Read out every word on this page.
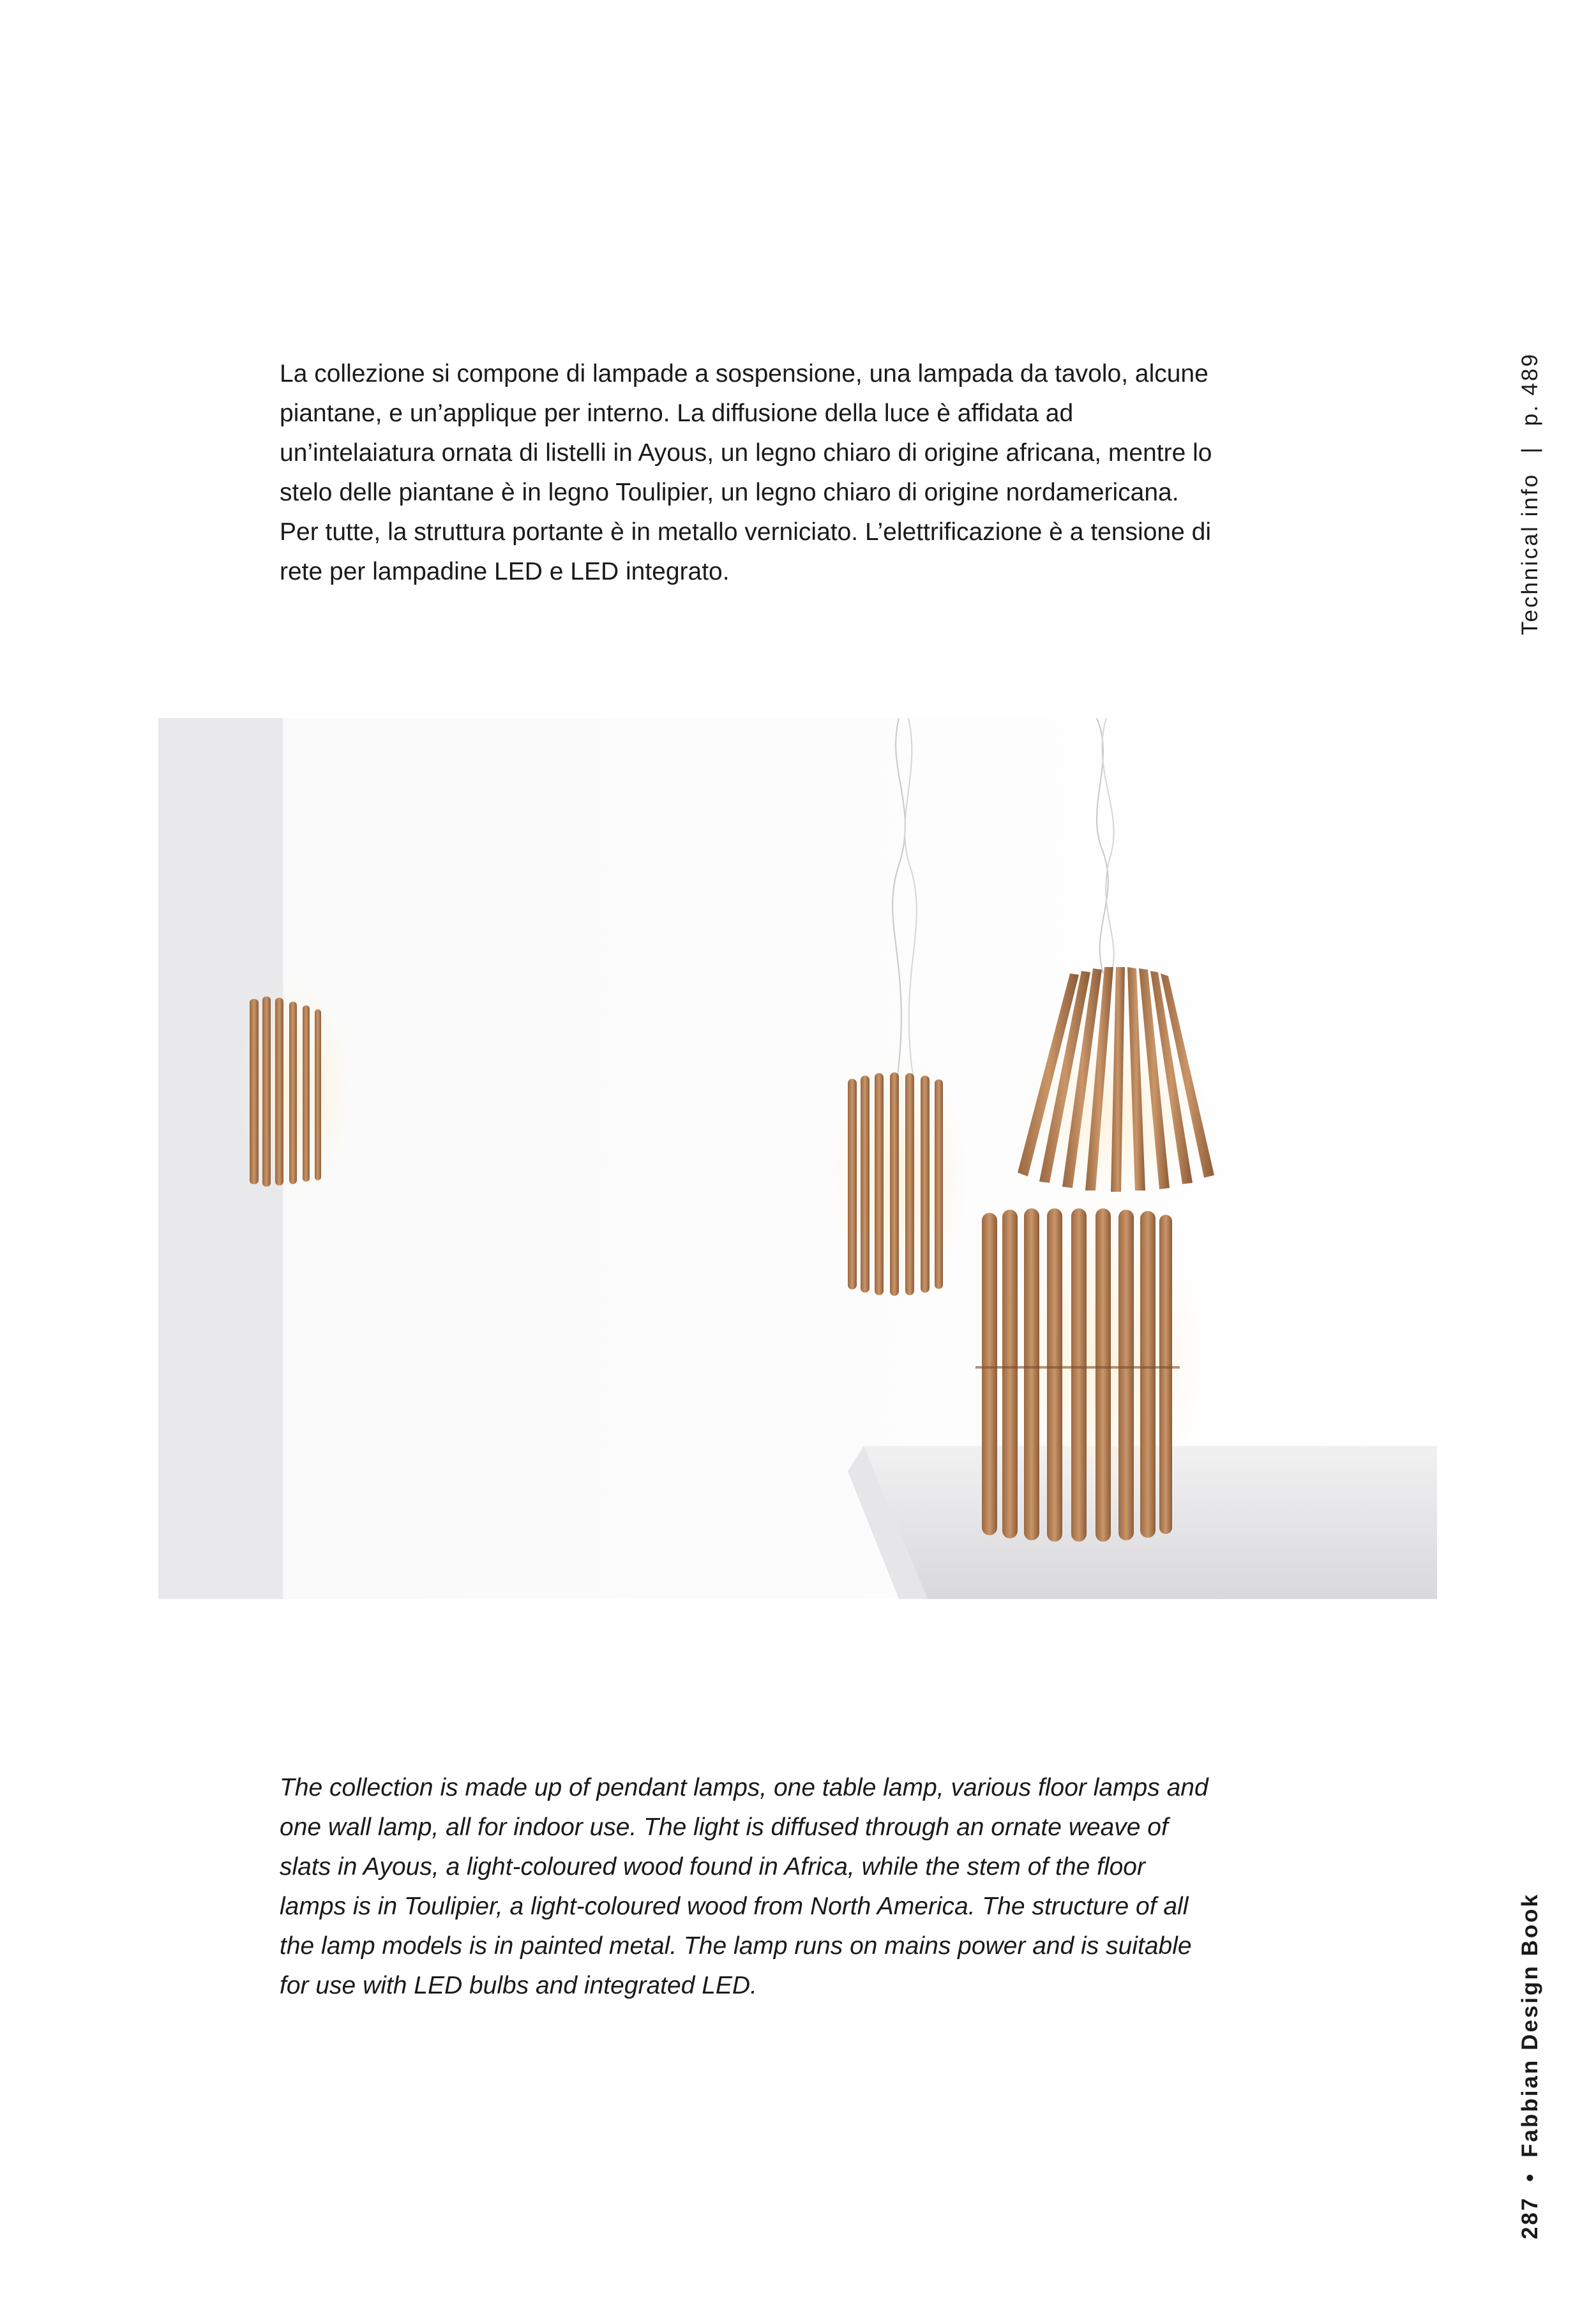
La collezione si compone di lampade a sospensione, una lampada da tavolo, alcune piantane, e un’applique per interno. La diffusione della luce è affidata ad un’intelaiatura ornata di listelli in Ayous, un legno chiaro di origine africana, mentre lo stelo delle piantane è in legno Toulipier, un legno chiaro di origine nordamericana. Per tutte, la struttura portante è in metallo verniciato. L’elettrificazione è a tensione di rete per lampadine LED e LED integrato.	Technical info | p. 489

The collection is made up of pendant lamps, one table lamp, various floor lamps and one wall lamp, all for indoor use. The light is diffused through an ornate weave of slats in Ayous, a light-coloured wood found in Africa, while the stem of the floor lamps is in Toulipier, a light-coloured wood from North America. The structure of all the lamp models is in painted metal. The lamp runs on mains power and is suitable for use with LED bulbs and integrated LED.

287 • Fabbian Design Book
